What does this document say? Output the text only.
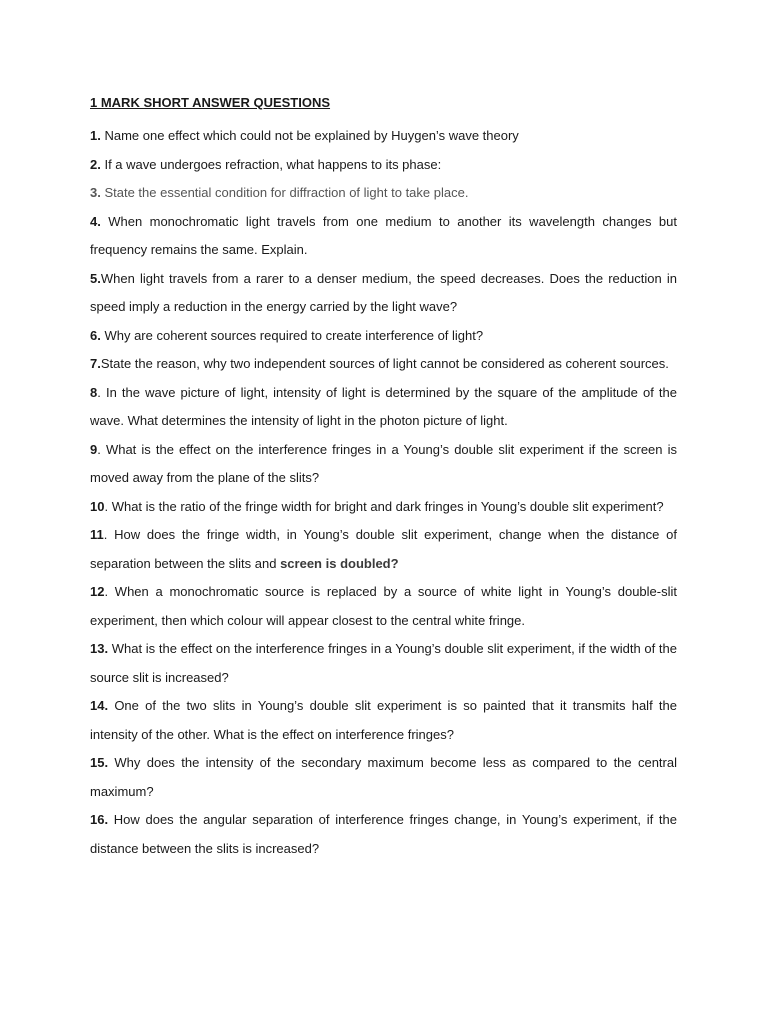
1 MARK SHORT ANSWER QUESTIONS

1. Name one effect which could not be explained by Huygen’s wave theory

2. If a wave undergoes refraction, what happens to its phase:

3. State the essential condition for diffraction of light to take place.

4. When monochromatic light travels from one medium to another its wavelength changes but frequency remains the same. Explain.

5.When light travels from a rarer to a denser medium, the speed decreases. Does the reduction in speed imply a reduction in the energy carried by the light wave?

6. Why are coherent sources required to create interference of light?

7.State the reason, why two independent sources of light cannot be considered as coherent sources.

8. In the wave picture of light, intensity of light is determined by the square of the amplitude of the wave. What determines the intensity of light in the photon picture of light.

9. What is the effect on the interference fringes in a Young’s double slit experiment if the screen is moved away from the plane of the slits?

10. What is the ratio of the fringe width for bright and dark fringes in Young’s double slit experiment?

11. How does the fringe width, in Young’s double slit experiment, change when the distance of separation between the slits and screen is doubled?

12. When a monochromatic source is replaced by a source of white light in Young’s double-slit experiment, then which colour will appear closest to the central white fringe.

13. What is the effect on the interference fringes in a Young’s double slit experiment, if the width of the source slit is increased?

14. One of the two slits in Young’s double slit experiment is so painted that it transmits half the intensity of the other. What is the effect on interference fringes?

15. Why does the intensity of the secondary maximum become less as compared to the central maximum?

16. How does the angular separation of interference fringes change, in Young’s experiment, if the distance between the slits is increased?
